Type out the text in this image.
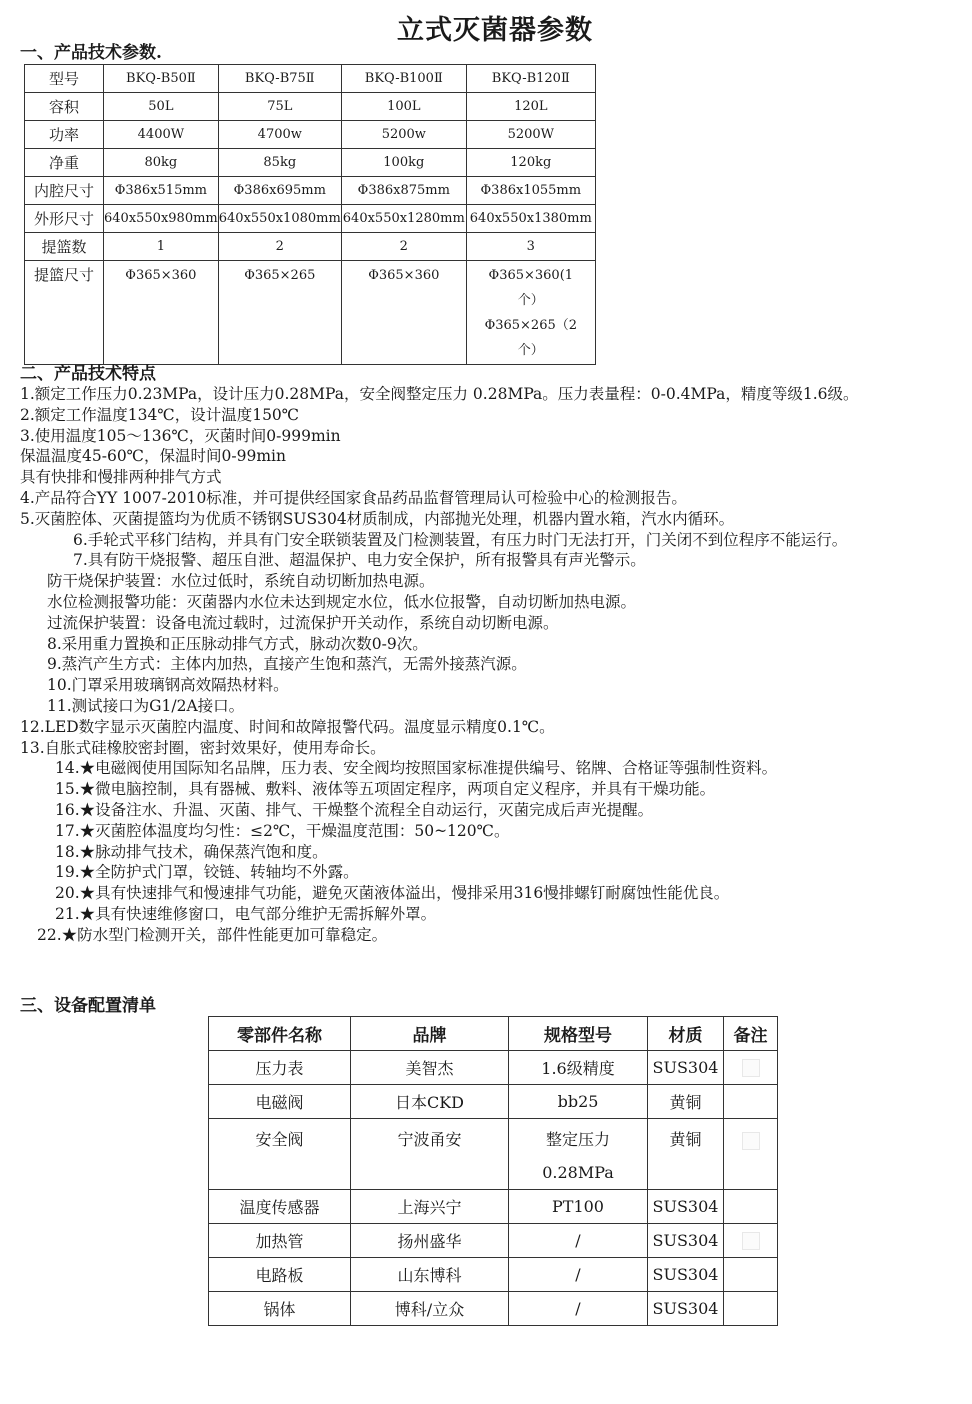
立式灭菌器参数
一、产品技术参数.
型号	BKQ-B50Ⅱ	BKQ-B75Ⅱ	BKQ-B100Ⅱ	BKQ-B120Ⅱ
容积	50L	75L	100L	120L
功率	4400W	4700w	5200w	5200W
净重	80kg	85kg	100kg	120kg
内腔尺寸	Φ386x515mm	Φ386x695mm	Φ386x875mm	Φ386x1055mm
外形尺寸	640x550x980mm	640x550x1080mm	640x550x1280mm	640x550x1380mm
提篮数	1	2	2	3
提篮尺寸	Φ365×360	Φ365×265	Φ365×360	Φ365×360(1
个）
Φ365×265（2
个）
二、产品技术特点

1.额定工作压力0.23MPa，设计压力0.28MPa，安全阀整定压力 0.28MPa。压力表量程：0-0.4MPa，精度等级1.6级。

2.额定工作温度134℃，设计温度150℃

3.使用温度105～136℃，灭菌时间0-999min

保温温度45-60℃，保温时间0-99min

具有快排和慢排两种排气方式

4.产品符合YY 1007-2010标准，并可提供经国家食品药品监督管理局认可检验中心的检测报告。

5.灭菌腔体、灭菌提篮均为优质不锈钢SUS304材质制成，内部抛光处理，机器内置水箱，汽水内循环。

6.手轮式平移门结构，并具有门安全联锁装置及门检测装置，有压力时门无法打开，门关闭不到位程序不能运行。

7.具有防干烧报警、超压自泄、超温保护、电力安全保护，所有报警具有声光警示。

防干烧保护装置：水位过低时，系统自动切断加热电源。

水位检测报警功能：灭菌器内水位未达到规定水位，低水位报警，自动切断加热电源。

过流保护装置：设备电流过载时，过流保护开关动作，系统自动切断电源。

8.采用重力置换和正压脉动排气方式，脉动次数0-9次。

9.蒸汽产生方式：主体内加热，直接产生饱和蒸汽，无需外接蒸汽源。

10.门罩采用玻璃钢高效隔热材料。

11.测试接口为G1/2A接口。

12.LED数字显示灭菌腔内温度、时间和故障报警代码。温度显示精度0.1℃。

13.自胀式硅橡胶密封圈，密封效果好，使用寿命长。

14.★电磁阀使用国际知名品牌，压力表、安全阀均按照国家标准提供编号、铭牌、合格证等强制性资料。

15.★微电脑控制，具有器械、敷料、液体等五项固定程序，两项自定义程序，并具有干燥功能。

16.★设备注水、升温、灭菌、排气、干燥整个流程全自动运行，灭菌完成后声光提醒。

17.★灭菌腔体温度均匀性：≤2℃，干燥温度范围：50~120℃。

18.★脉动排气技术，确保蒸汽饱和度。

19.★全防护式门罩，铰链、转轴均不外露。

20.★具有快速排气和慢速排气功能，避免灭菌液体溢出，慢排采用316慢排螺钉耐腐蚀性能优良。

21.★具有快速维修窗口，电气部分维护无需拆解外罩。

22.★防水型门检测开关，部件性能更加可靠稳定。

三、设备配置清单
零部件名称	品牌	规格型号	材质	备注
压力表	美智杰	1.6级精度	SUS304	
电磁阀	日本CKD	bb25	黄铜	
安全阀	宁波甬安	整定压力
0.28MPa	黄铜	
温度传感器	上海兴宁	PT100	SUS304	
加热管	扬州盛华	/	SUS304	
电路板	山东博科	/	SUS304	
锅体	博科/立众	/	SUS304	
